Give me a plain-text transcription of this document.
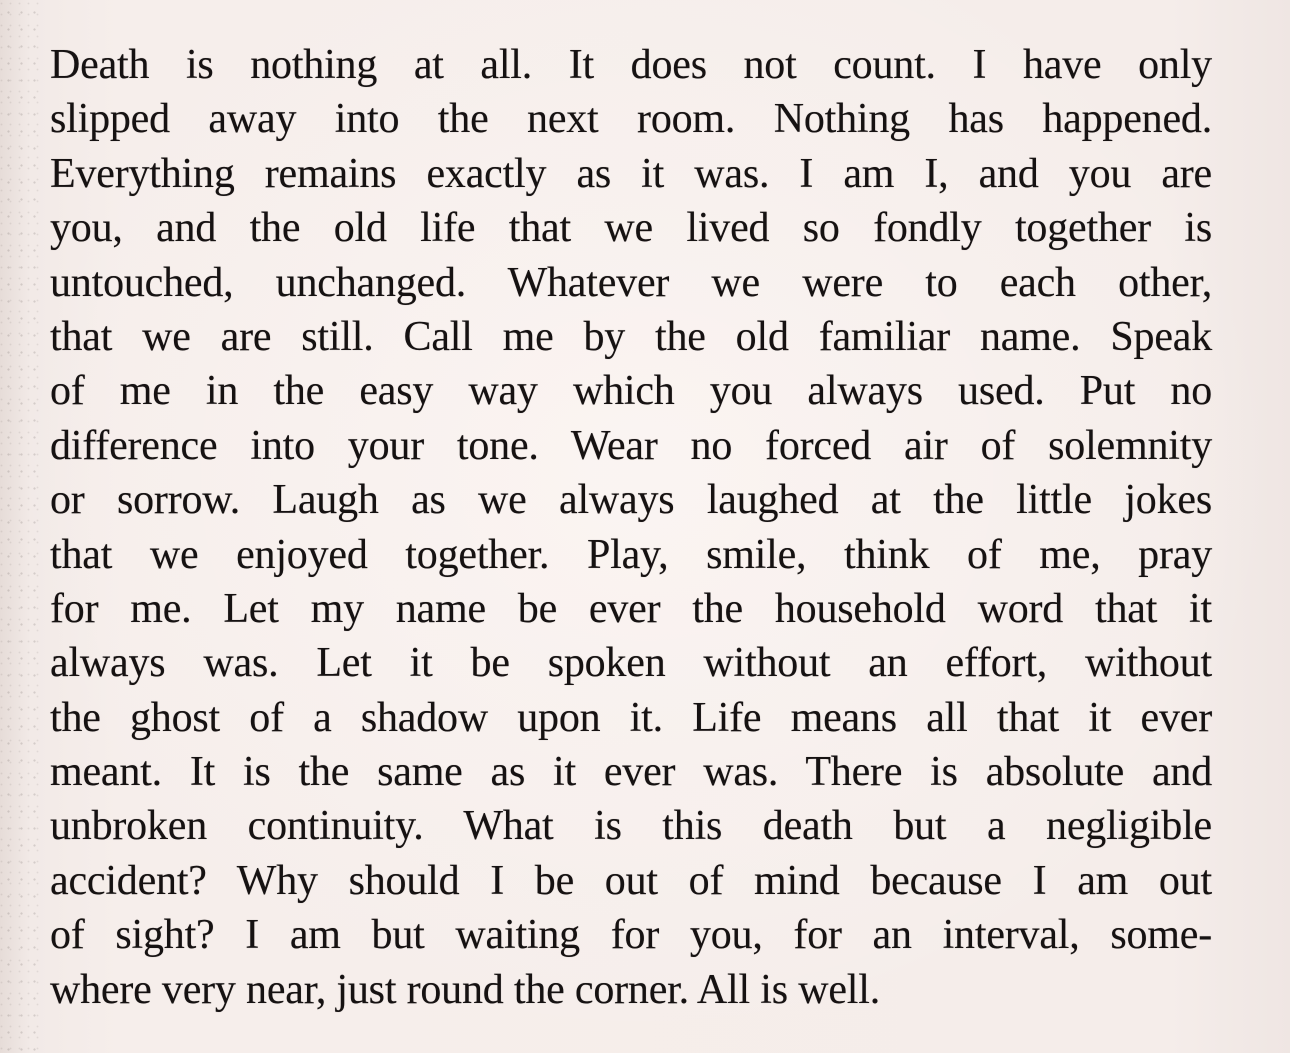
Death is nothing at all. It does not count. I have only
slipped away into the next room. Nothing has happened.
Everything remains exactly as it was. I am I, and you are
you, and the old life that we lived so fondly together is
untouched, unchanged. Whatever we were to each other,
that we are still. Call me by the old familiar name. Speak
of me in the easy way which you always used. Put no
difference into your tone. Wear no forced air of solemnity
or sorrow. Laugh as we always laughed at the little jokes
that we enjoyed together. Play, smile, think of me, pray
for me. Let my name be ever the household word that it
always was. Let it be spoken without an effort, without
the ghost of a shadow upon it. Life means all that it ever
meant. It is the same as it ever was. There is absolute and
unbroken continuity. What is this death but a negligible
accident? Why should I be out of mind because I am out
of sight? I am but waiting for you, for an interval, some-
where very near, just round the corner. All is well.
